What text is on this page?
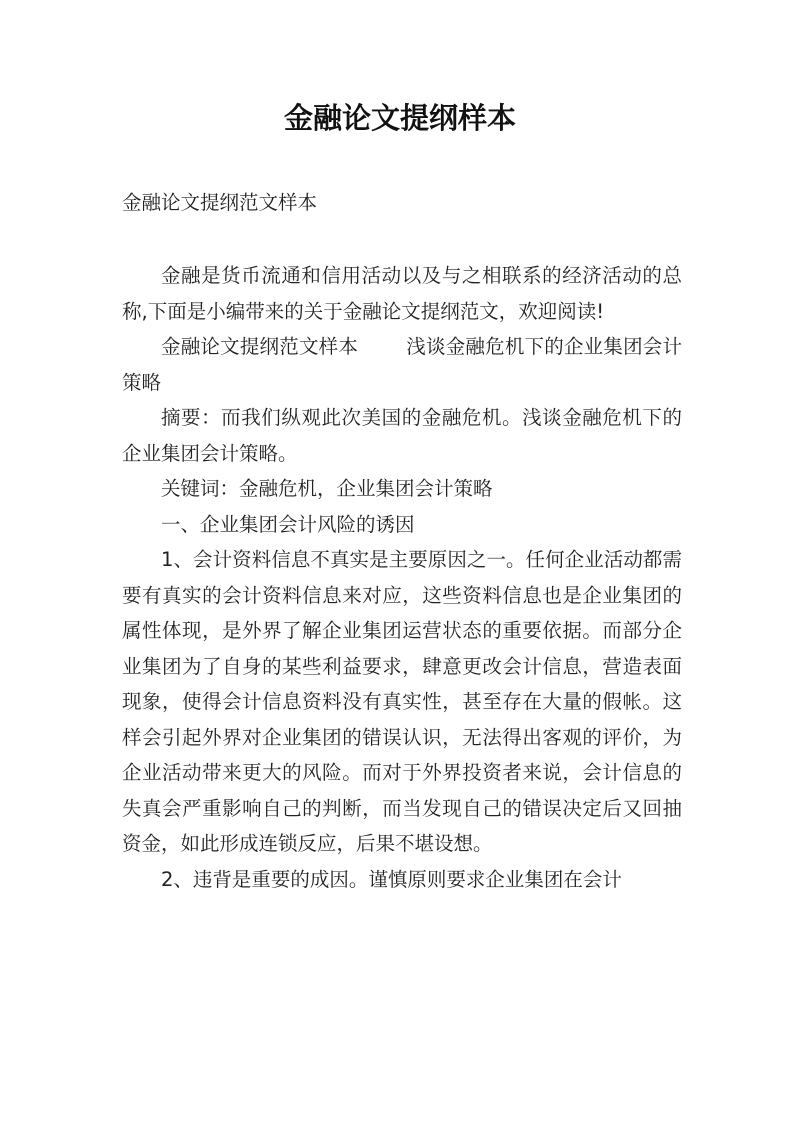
金融论文提纲样本
金融论文提纲范文样本

金融是货币流通和信用活动以及与之相联系的经济活动的总称,下面是小编带来的关于金融论文提纲范文，欢迎阅读!

金融论文提纲范文样本 浅谈金融危机下的企业集团会计策略

摘要：而我们纵观此次美国的金融危机。浅谈金融危机下的企业集团会计策略。

关键词：金融危机，企业集团会计策略

一、企业集团会计风险的诱因

1、会计资料信息不真实是主要原因之一。任何企业活动都需要有真实的会计资料信息来对应，这些资料信息也是企业集团的属性体现，是外界了解企业集团运营状态的重要依据。而部分企业集团为了自身的某些利益要求，肆意更改会计信息，营造表面现象，使得会计信息资料没有真实性，甚至存在大量的假帐。这样会引起外界对企业集团的错误认识，无法得出客观的评价，为企业活动带来更大的风险。而对于外界投资者来说，会计信息的失真会严重影响自己的判断，而当发现自己的错误决定后又回抽资金，如此形成连锁反应，后果不堪设想。

2、违背是重要的成因。谨慎原则要求企业集团在会计
